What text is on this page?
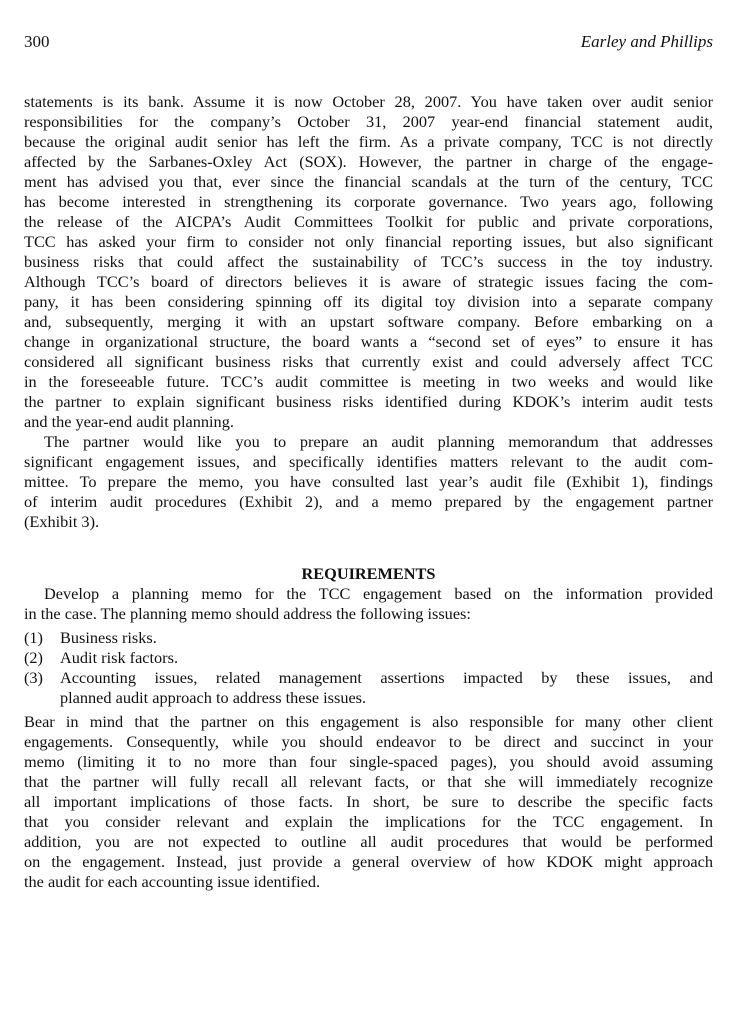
300	Earley and Phillips
statements is its bank. Assume it is now October 28, 2007. You have taken over audit senior
responsibilities for the company’s October 31, 2007 year-end financial statement audit,
because the original audit senior has left the firm. As a private company, TCC is not directly
affected by the Sarbanes-Oxley Act (SOX). However, the partner in charge of the engage-
ment has advised you that, ever since the financial scandals at the turn of the century, TCC
has become interested in strengthening its corporate governance. Two years ago, following
the release of the AICPA’s Audit Committees Toolkit for public and private corporations,
TCC has asked your firm to consider not only financial reporting issues, but also significant
business risks that could affect the sustainability of TCC’s success in the toy industry.
Although TCC’s board of directors believes it is aware of strategic issues facing the com-
pany, it has been considering spinning off its digital toy division into a separate company
and, subsequently, merging it with an upstart software company. Before embarking on a
change in organizational structure, the board wants a “second set of eyes” to ensure it has
considered all significant business risks that currently exist and could adversely affect TCC
in the foreseeable future. TCC’s audit committee is meeting in two weeks and would like
the partner to explain significant business risks identified during KDOK’s interim audit tests
and the year-end audit planning.
The partner would like you to prepare an audit planning memorandum that addresses
significant engagement issues, and specifically identifies matters relevant to the audit com-
mittee. To prepare the memo, you have consulted last year’s audit file (Exhibit 1), findings
of interim audit procedures (Exhibit 2), and a memo prepared by the engagement partner
(Exhibit 3).
REQUIREMENTS
Develop a planning memo for the TCC engagement based on the information provided
in the case. The planning memo should address the following issues:
(1)	Business risks.
(2)	Audit risk factors.
(3)	Accounting issues, related management assertions impacted by these issues, and
planned audit approach to address these issues.
Bear in mind that the partner on this engagement is also responsible for many other client
engagements. Consequently, while you should endeavor to be direct and succinct in your
memo (limiting it to no more than four single-spaced pages), you should avoid assuming
that the partner will fully recall all relevant facts, or that she will immediately recognize
all important implications of those facts. In short, be sure to describe the specific facts
that you consider relevant and explain the implications for the TCC engagement. In
addition, you are not expected to outline all audit procedures that would be performed
on the engagement. Instead, just provide a general overview of how KDOK might approach
the audit for each accounting issue identified.
